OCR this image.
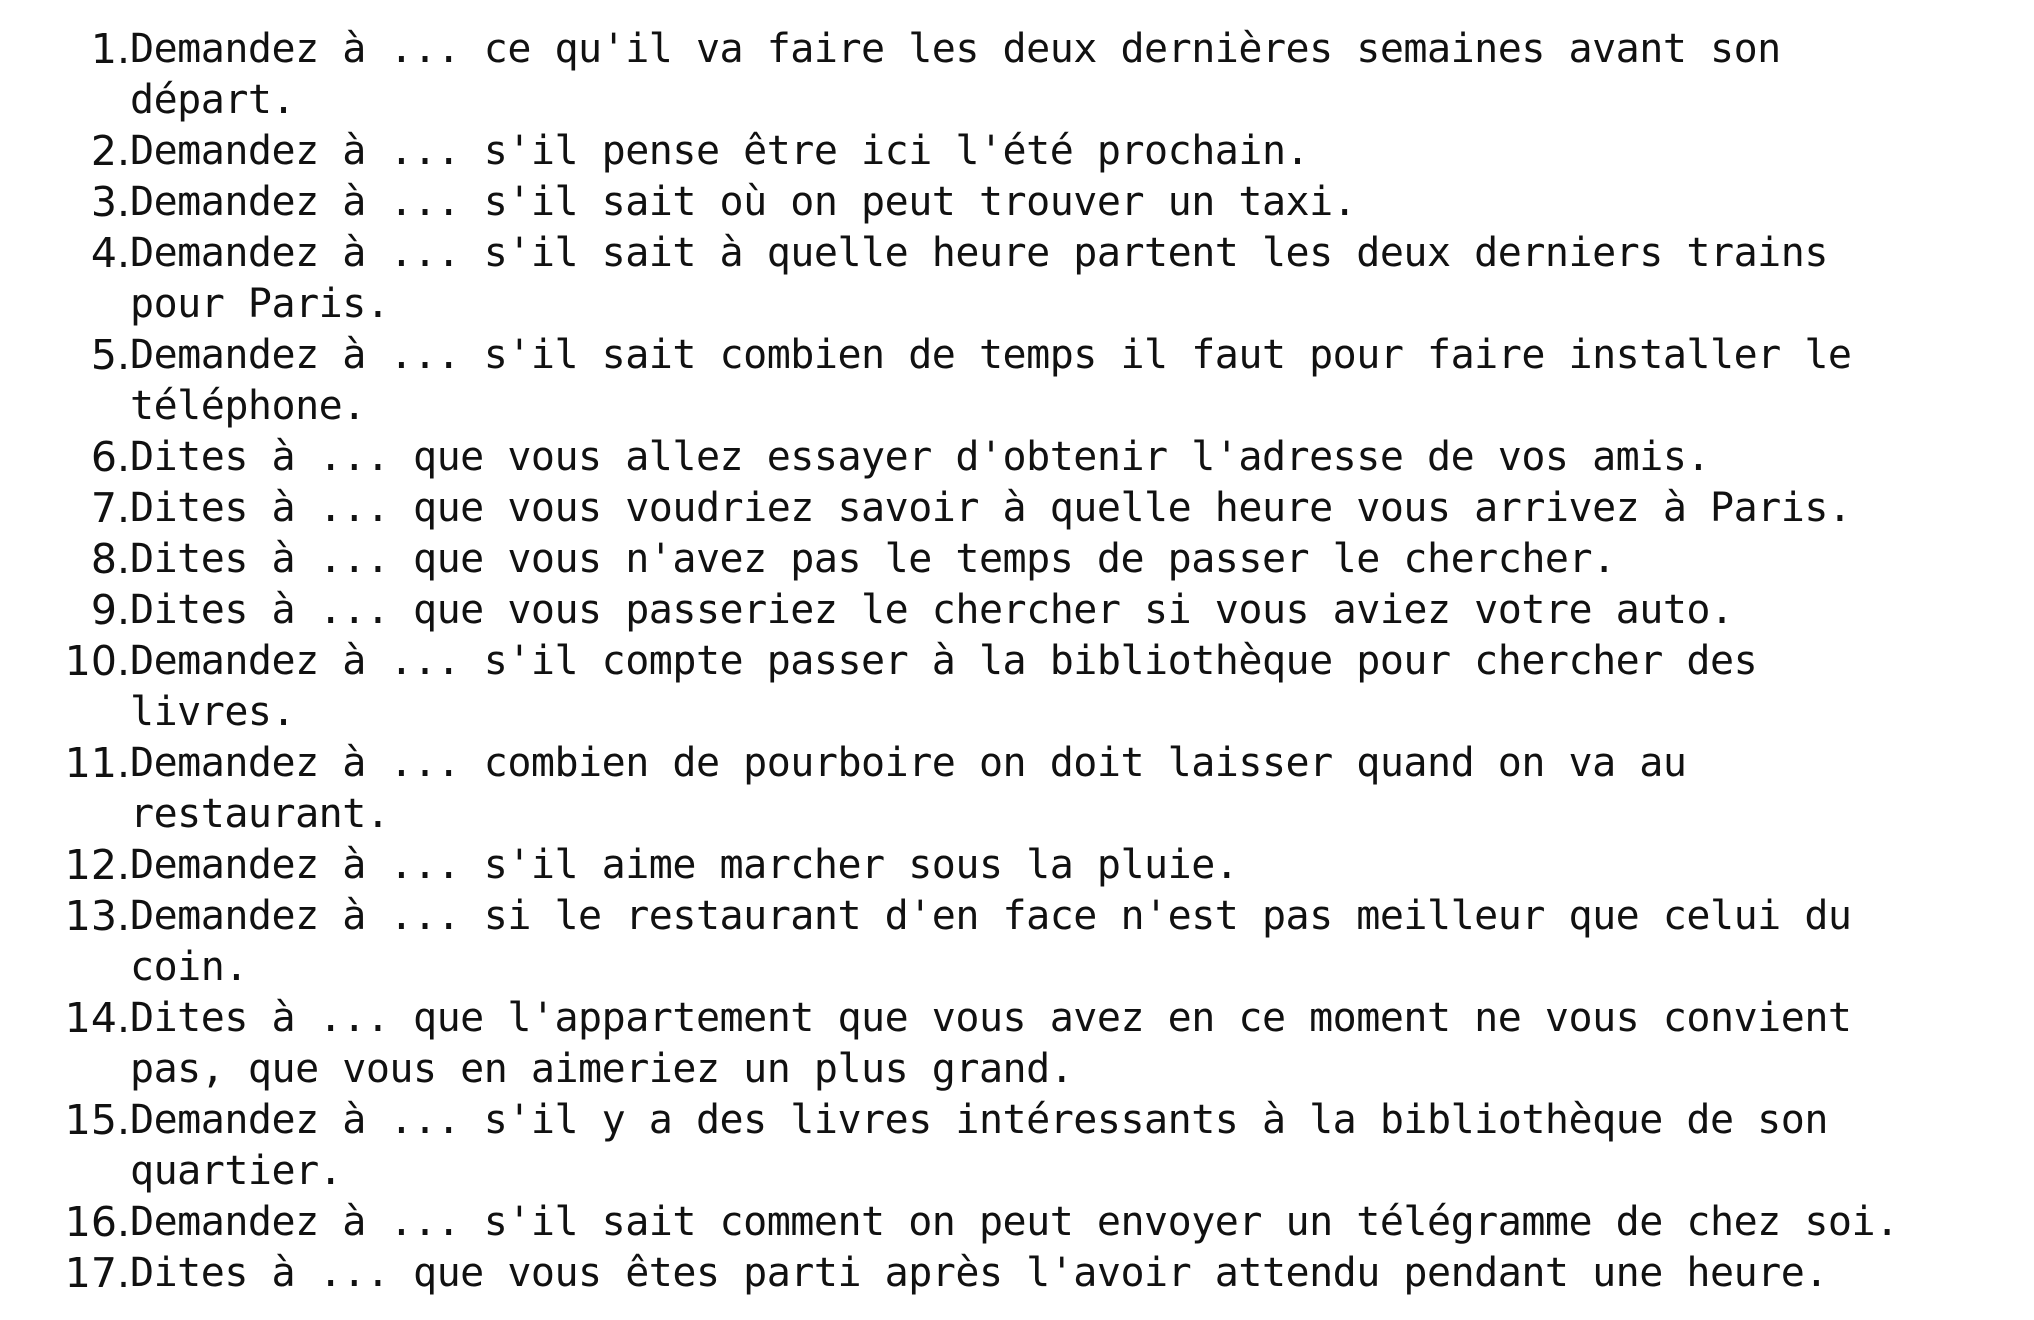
1. Demandez à ... ce qu'il va faire les deux dernières semaines avant son
départ.
2. Demandez à ... s'il pense être ici l'été prochain.
3. Demandez à ... s'il sait où on peut trouver un taxi.
4. Demandez à ... s'il sait à quelle heure partent les deux derniers trains
pour Paris.
5. Demandez à ... s'il sait combien de temps il faut pour faire installer le
téléphone.
6. Dites à ... que vous allez essayer d'obtenir l'adresse de vos amis.
7. Dites à ... que vous voudriez savoir à quelle heure vous arrivez à Paris.
8. Dites à ... que vous n'avez pas le temps de passer le chercher.
9. Dites à ... que vous passeriez le chercher si vous aviez votre auto.
10. Demandez à ... s'il compte passer à la bibliothèque pour chercher des
livres.
11. Demandez à ... combien de pourboire on doit laisser quand on va au
restaurant.
12. Demandez à ... s'il aime marcher sous la pluie.
13. Demandez à ... si le restaurant d'en face n'est pas meilleur que celui du
coin.
14. Dites à ... que l'appartement que vous avez en ce moment ne vous convient
pas, que vous en aimeriez un plus grand.
15. Demandez à ... s'il y a des livres intéressants à la bibliothèque de son
quartier.
16. Demandez à ... s'il sait comment on peut envoyer un télégramme de chez soi.
17. Dites à ... que vous êtes parti après l'avoir attendu pendant une heure.
